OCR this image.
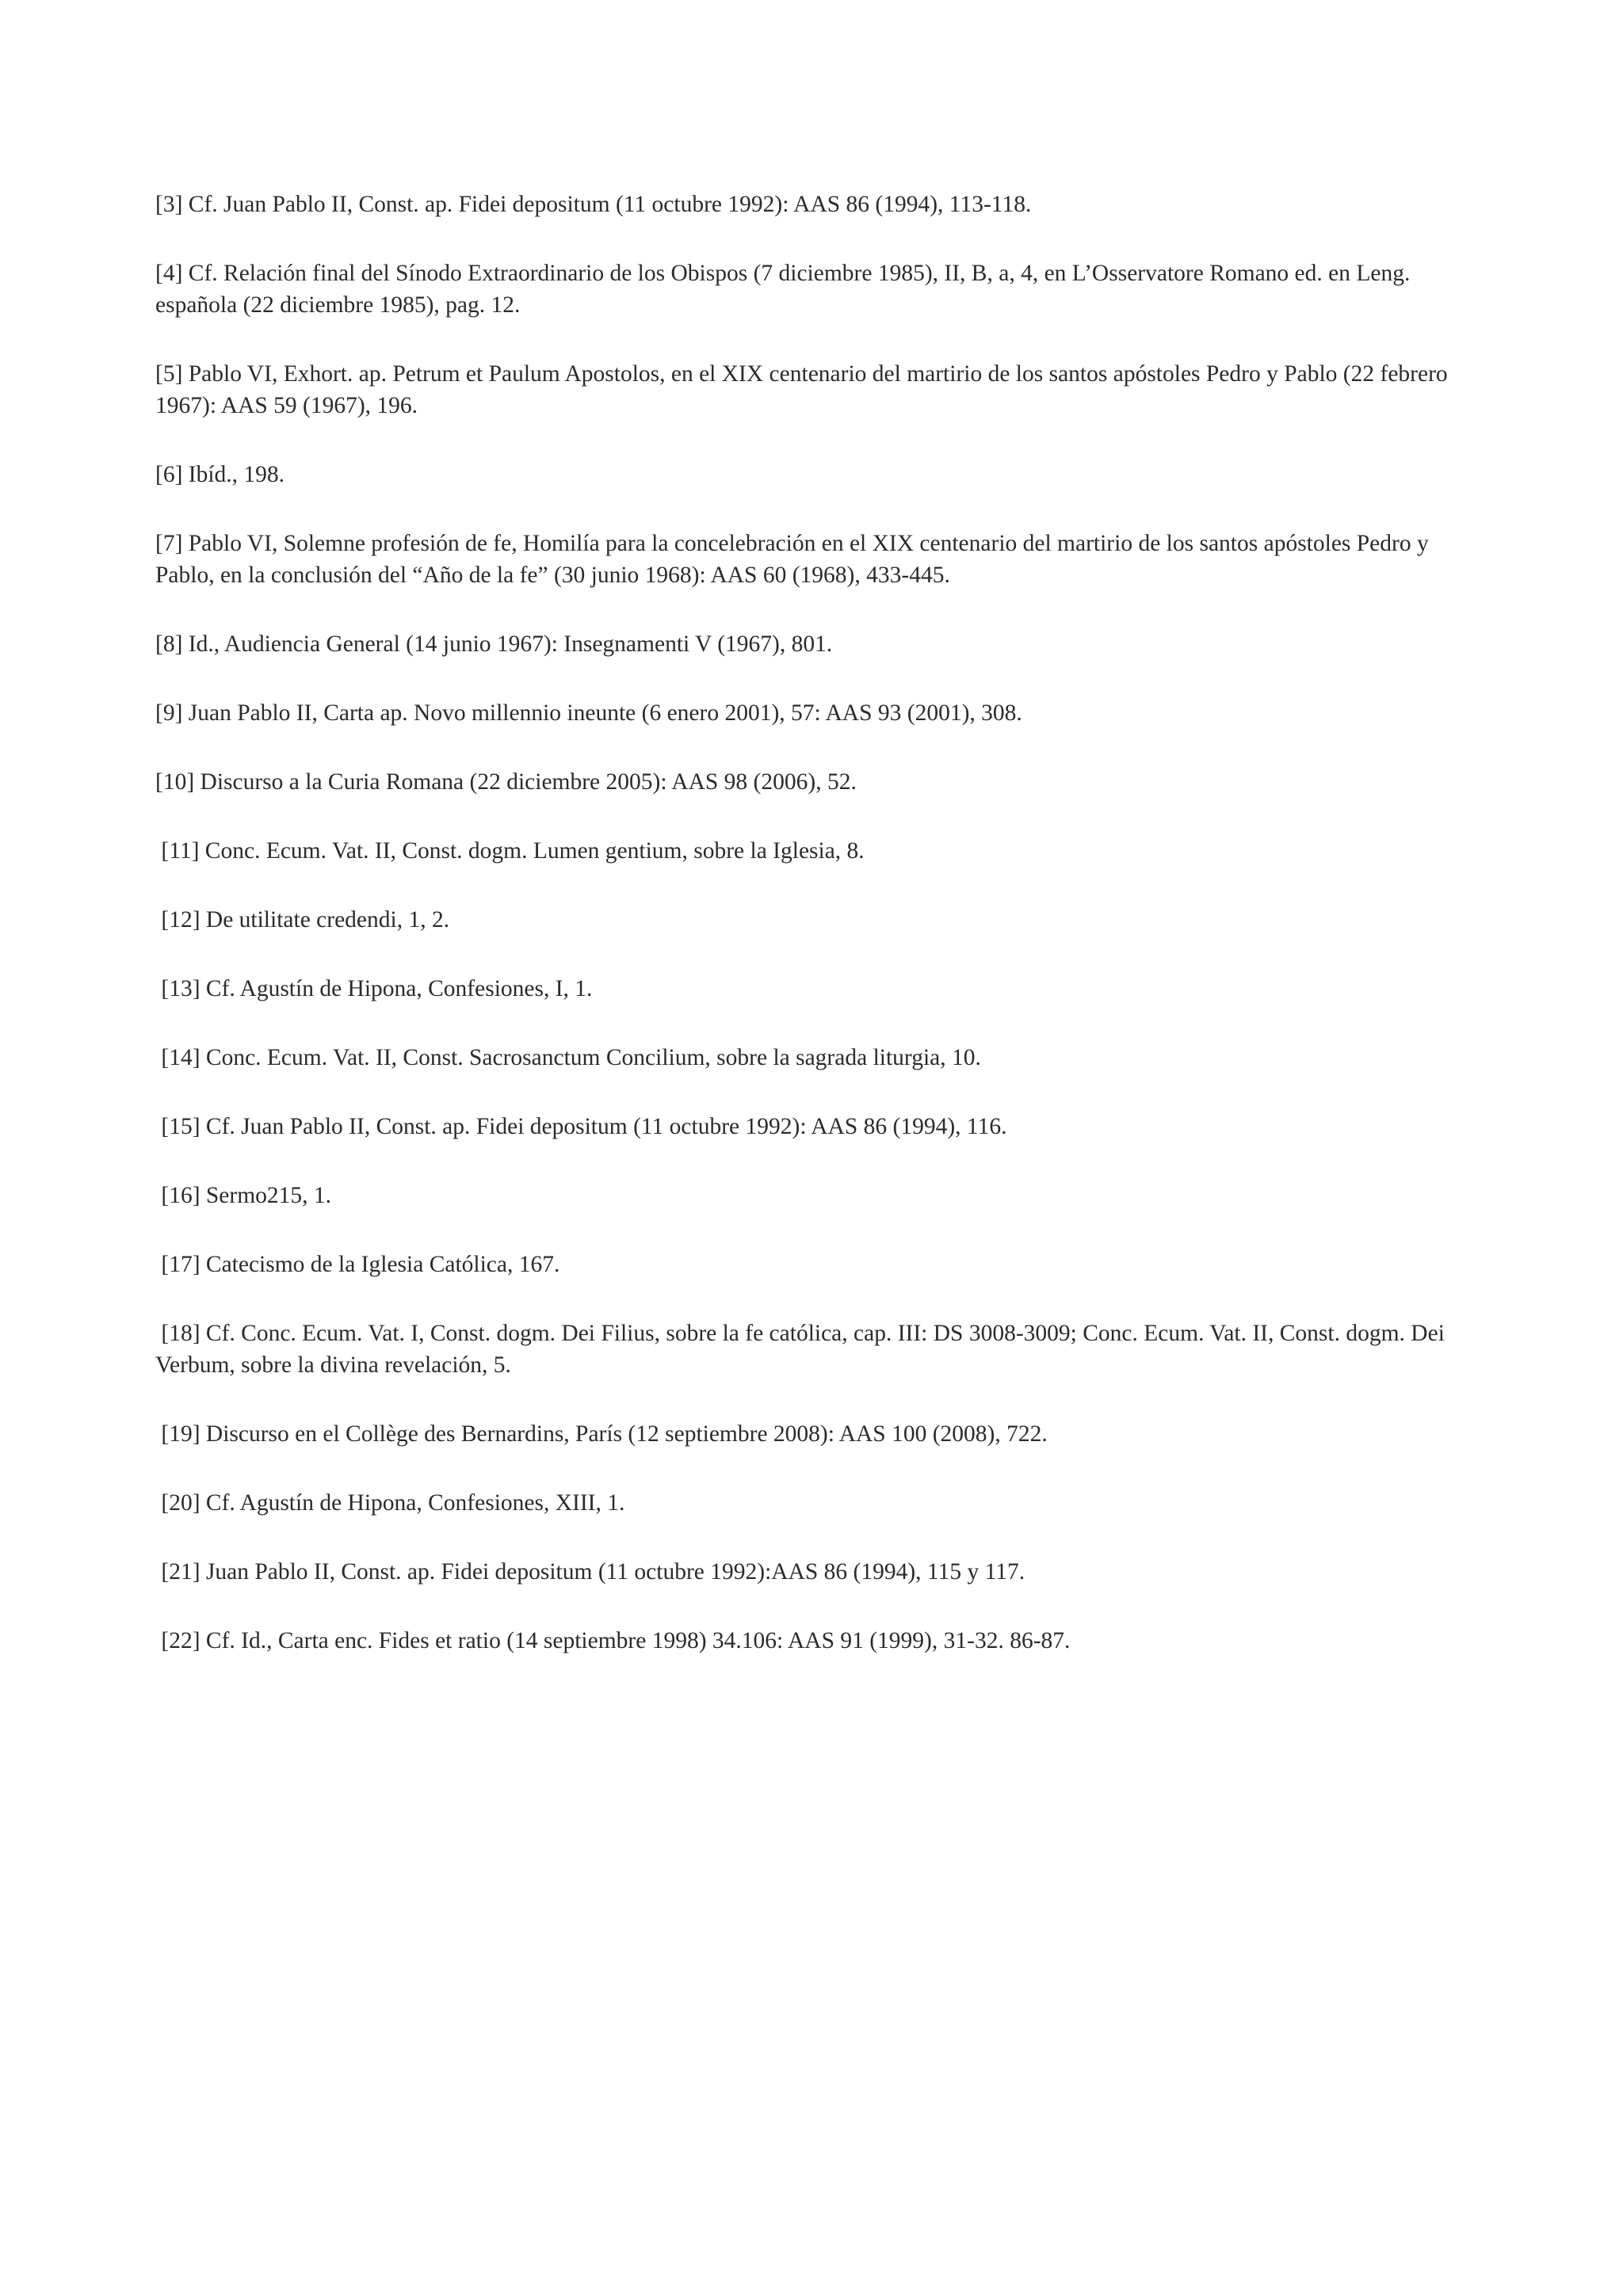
[3] Cf. Juan Pablo II, Const. ap. Fidei depositum (11 octubre 1992): AAS 86 (1994), 113-118.

[4] Cf. Relación final del Sínodo Extraordinario de los Obispos (7 diciembre 1985), II, B, a, 4, en L’Osservatore Romano ed. en Leng. española (22 diciembre 1985), pag. 12.

[5] Pablo VI, Exhort. ap. Petrum et Paulum Apostolos, en el XIX centenario del martirio de los santos apóstoles Pedro y Pablo (22 febrero 1967): AAS 59 (1967), 196.

[6] Ibíd., 198.

[7] Pablo VI, Solemne profesión de fe, Homilía para la concelebración en el XIX centenario del martirio de los santos apóstoles Pedro y Pablo, en la conclusión del “Año de la fe” (30 junio 1968): AAS 60 (1968), 433-445.

[8] Id., Audiencia General (14 junio 1967): Insegnamenti V (1967), 801.

[9] Juan Pablo II, Carta ap. Novo millennio ineunte (6 enero 2001), 57: AAS 93 (2001), 308.

[10] Discurso a la Curia Romana (22 diciembre 2005): AAS 98 (2006), 52.

[11] Conc. Ecum. Vat. II, Const. dogm. Lumen gentium, sobre la Iglesia, 8.

[12] De utilitate credendi, 1, 2.

[13] Cf. Agustín de Hipona, Confesiones, I, 1.

[14] Conc. Ecum. Vat. II, Const. Sacrosanctum Concilium, sobre la sagrada liturgia, 10.

[15] Cf. Juan Pablo II, Const. ap. Fidei depositum (11 octubre 1992): AAS 86 (1994), 116.

[16] Sermo215, 1.

[17] Catecismo de la Iglesia Católica, 167.

[18] Cf. Conc. Ecum. Vat. I, Const. dogm. Dei Filius, sobre la fe católica, cap. III: DS 3008-3009; Conc. Ecum. Vat. II, Const. dogm. Dei Verbum, sobre la divina revelación, 5.

[19] Discurso en el Collège des Bernardins, París (12 septiembre 2008): AAS 100 (2008), 722.

[20] Cf. Agustín de Hipona, Confesiones, XIII, 1.

[21] Juan Pablo II, Const. ap. Fidei depositum (11 octubre 1992):AAS 86 (1994), 115 y 117.

[22] Cf. Id., Carta enc. Fides et ratio (14 septiembre 1998) 34.106: AAS 91 (1999), 31-32. 86-87.
